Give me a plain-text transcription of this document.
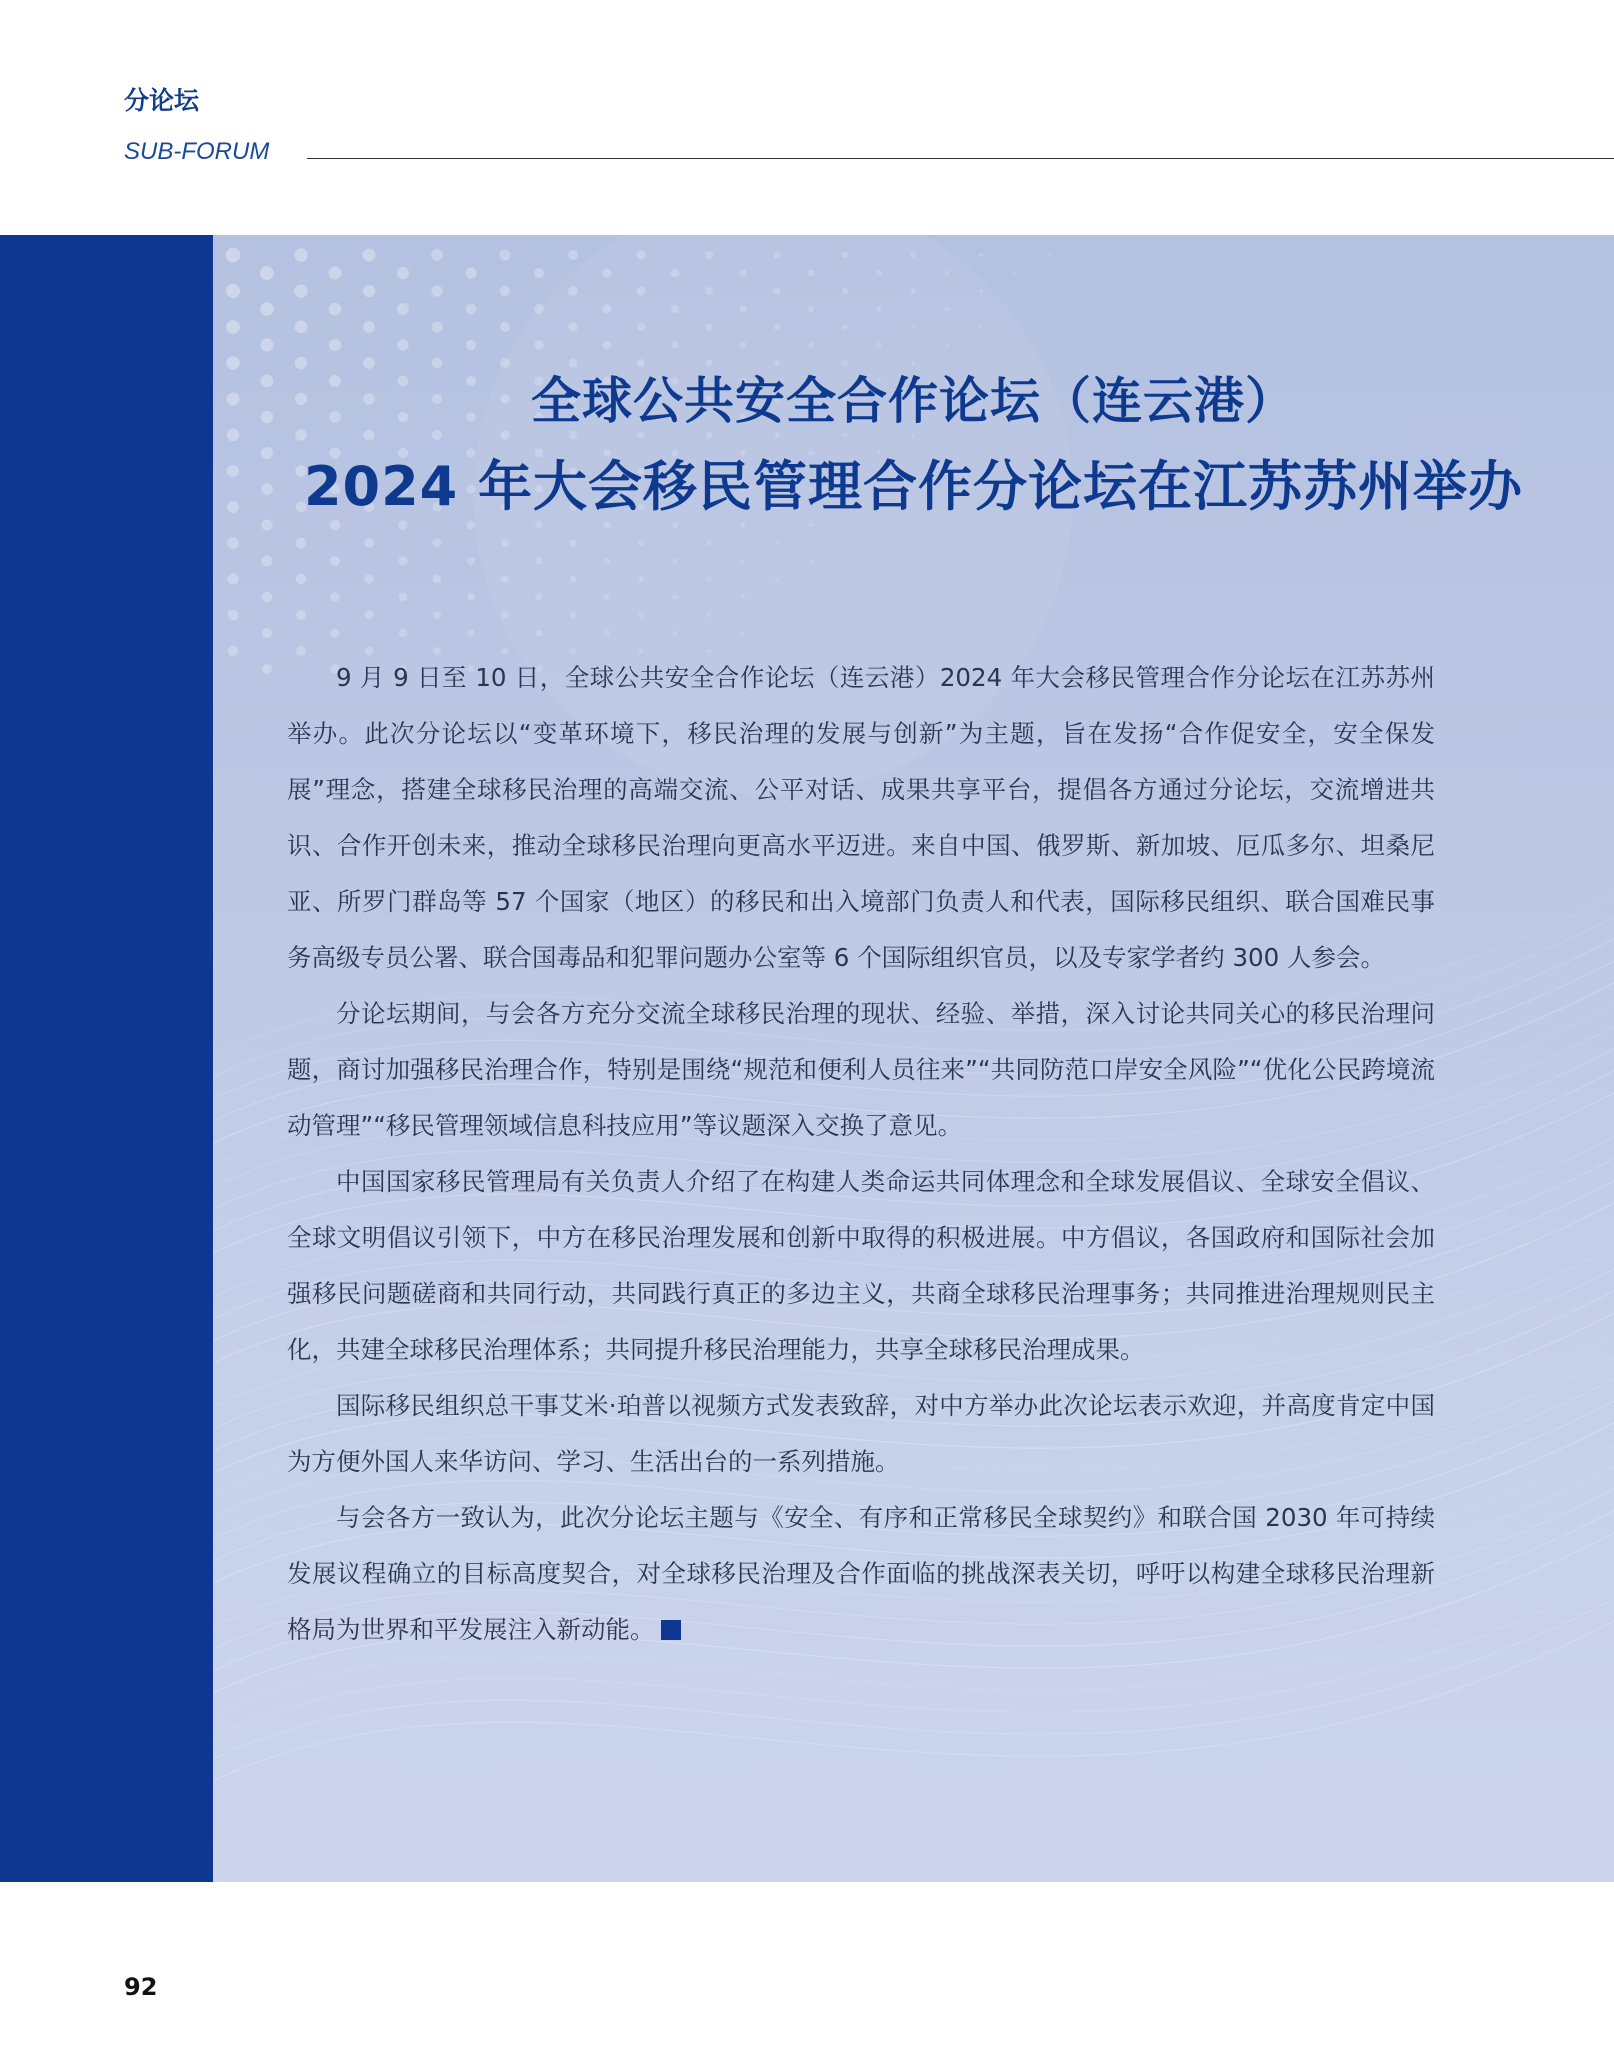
分论坛
SUB-FORUM
全球公共安全合作论坛（连云港）
2024 年大会移民管理合作分论坛在江苏苏州举办

9 月 9 日至 10 日，全球公共安全合作论坛（连云港）2024 年大会移民管理合作分论坛在江苏苏州举办。此次分论坛以“变革环境下，移民治理的发展与创新”为主题，旨在发扬“合作促安全，安全保发展”理念，搭建全球移民治理的高端交流、公平对话、成果共享平台，提倡各方通过分论坛，交流增进共识、合作开创未来，推动全球移民治理向更高水平迈进。来自中国、俄罗斯、新加坡、厄瓜多尔、坦桑尼亚、所罗门群岛等 57 个国家（地区）的移民和出入境部门负责人和代表，国际移民组织、联合国难民事务高级专员公署、联合国毒品和犯罪问题办公室等 6 个国际组织官员，以及专家学者约 300 人参会。

分论坛期间，与会各方充分交流全球移民治理的现状、经验、举措，深入讨论共同关心的移民治理问题，商讨加强移民治理合作，特别是围绕“规范和便利人员往来”“共同防范口岸安全风险”“优化公民跨境流动管理”“移民管理领域信息科技应用”等议题深入交换了意见。

中国国家移民管理局有关负责人介绍了在构建人类命运共同体理念和全球发展倡议、全球安全倡议、全球文明倡议引领下，中方在移民治理发展和创新中取得的积极进展。中方倡议，各国政府和国际社会加强移民问题磋商和共同行动，共同践行真正的多边主义，共商全球移民治理事务；共同推进治理规则民主化，共建全球移民治理体系；共同提升移民治理能力，共享全球移民治理成果。

国际移民组织总干事艾米·珀普以视频方式发表致辞，对中方举办此次论坛表示欢迎，并高度肯定中国为方便外国人来华访问、学习、生活出台的一系列措施。

与会各方一致认为，此次分论坛主题与《安全、有序和正常移民全球契约》和联合国 2030 年可持续发展议程确立的目标高度契合，对全球移民治理及合作面临的挑战深表关切，呼吁以构建全球移民治理新格局为世界和平发展注入新动能。

92
